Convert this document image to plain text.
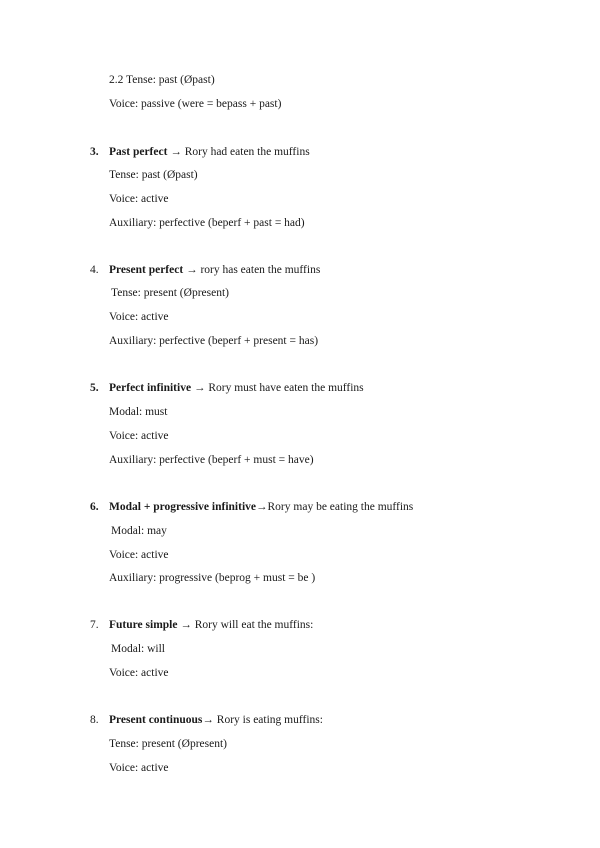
2.2 Tense: past (Øpast)
Voice: passive (were = bepass + past)
3. Past perfect → Rory had eaten the muffins
Tense: past (Øpast)
Voice: active
Auxiliary: perfective (beperf + past = had)
4. Present perfect → rory has eaten the muffins
Tense: present (Øpresent)
Voice: active
Auxiliary: perfective (beperf + present = has)
5. Perfect infinitive → Rory must have eaten the muffins
Modal: must
Voice: active
Auxiliary: perfective (beperf + must = have)
6. Modal + progressive infinitive→Rory may be eating the muffins
Modal: may
Voice: active
Auxiliary: progressive (beprog + must = be )
7. Future simple → Rory will eat the muffins:
Modal: will
Voice: active
8. Present continuous→ Rory is eating muffins:
Tense: present (Øpresent)
Voice: active
